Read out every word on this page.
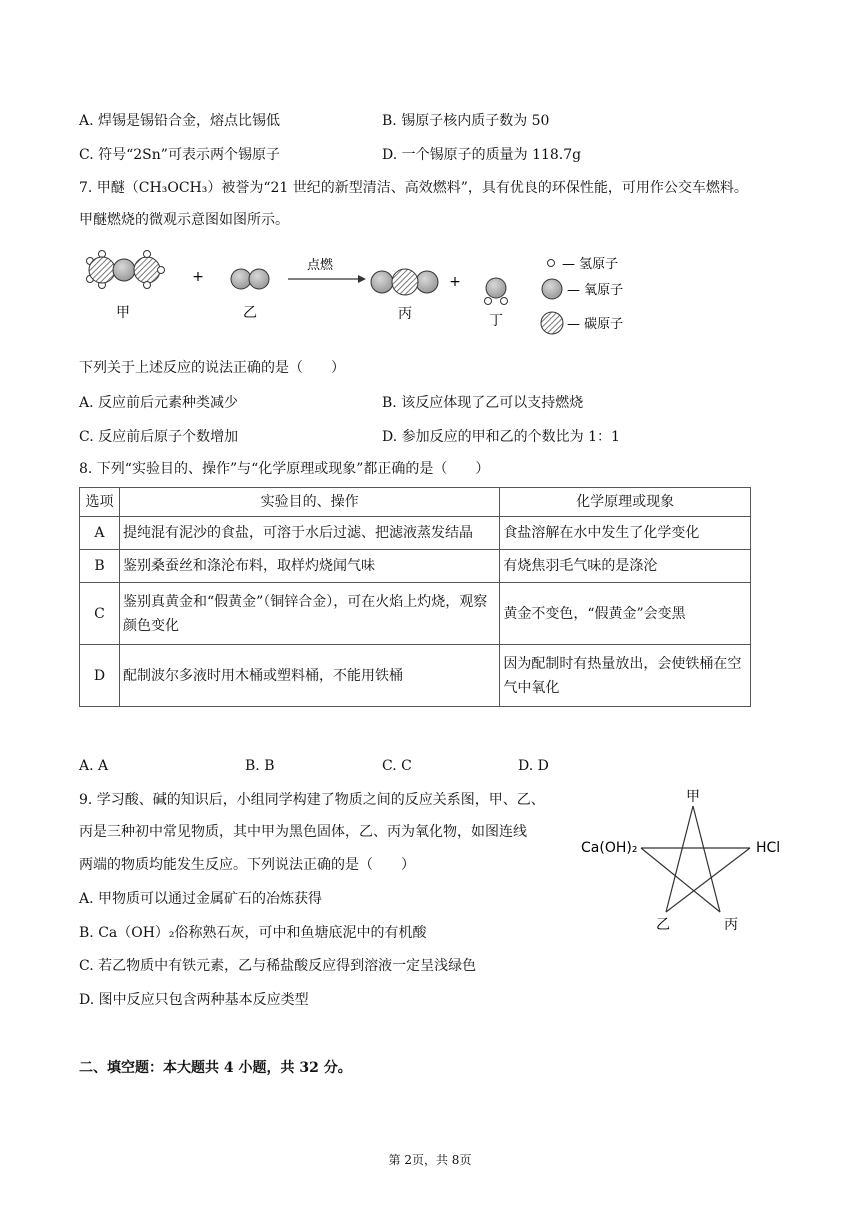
A. 焊锡是锡铅合金，熔点比锡低	B. 锡原子核内质子数为 50
C. 符号“2Sn”可表示两个锡原子	D. 一个锡原子的质量为 118.7g
7. 甲醚（CH₃OCH₃）被誉为“21 世纪的新型清洁、高效燃料”，具有优良的环保性能，可用作公交车燃料。
甲醚燃烧的微观示意图如图所示。
甲
+
乙
点燃
丙
+
丁
— 氢原子
— 氧原子
— 碳原子
下列关于上述反应的说法正确的是（　　）
A. 反应前后元素种类减少	B. 该反应体现了乙可以支持燃烧
C. 反应前后原子个数增加	D. 参加反应的甲和乙的个数比为 1：1
8. 下列“实验目的、操作”与“化学原理或现象”都正确的是（　　）
选项	实验目的、操作	化学原理或现象
A	提纯混有泥沙的食盐，可溶于水后过滤、把滤液蒸发结晶	食盐溶解在水中发生了化学变化
B	鉴别桑蚕丝和涤沦布料，取样灼烧闻气味	有烧焦羽毛气味的是涤沦
C	鉴别真黄金和“假黄金”（铜锌合金），可在火焰上灼烧，观察颜色变化	黄金不变色，“假黄金”会变黑
D	配制波尔多液时用木桶或塑料桶，不能用铁桶	因为配制时有热量放出，会使铁桶在空气中氧化
A. A	B. B	C. C	D. D
9. 学习酸、碱的知识后，小组同学构建了物质之间的反应关系图，甲、乙、
丙是三种初中常见物质，其中甲为黑色固体，乙、丙为氧化物，如图连线
两端的物质均能发生反应。下列说法正确的是（　　）
A. 甲物质可以通过金属矿石的冶炼获得
B. Ca（OH）₂俗称熟石灰，可中和鱼塘底泥中的有机酸
C. 若乙物质中有铁元素，乙与稀盐酸反应得到溶液一定呈浅绿色
D. 图中反应只包含两种基本反应类型
甲
Ca(OH)₂	HCl
乙	丙
二、填空题：本大题共 4 小题，共 32 分。
第 2页，共 8页
